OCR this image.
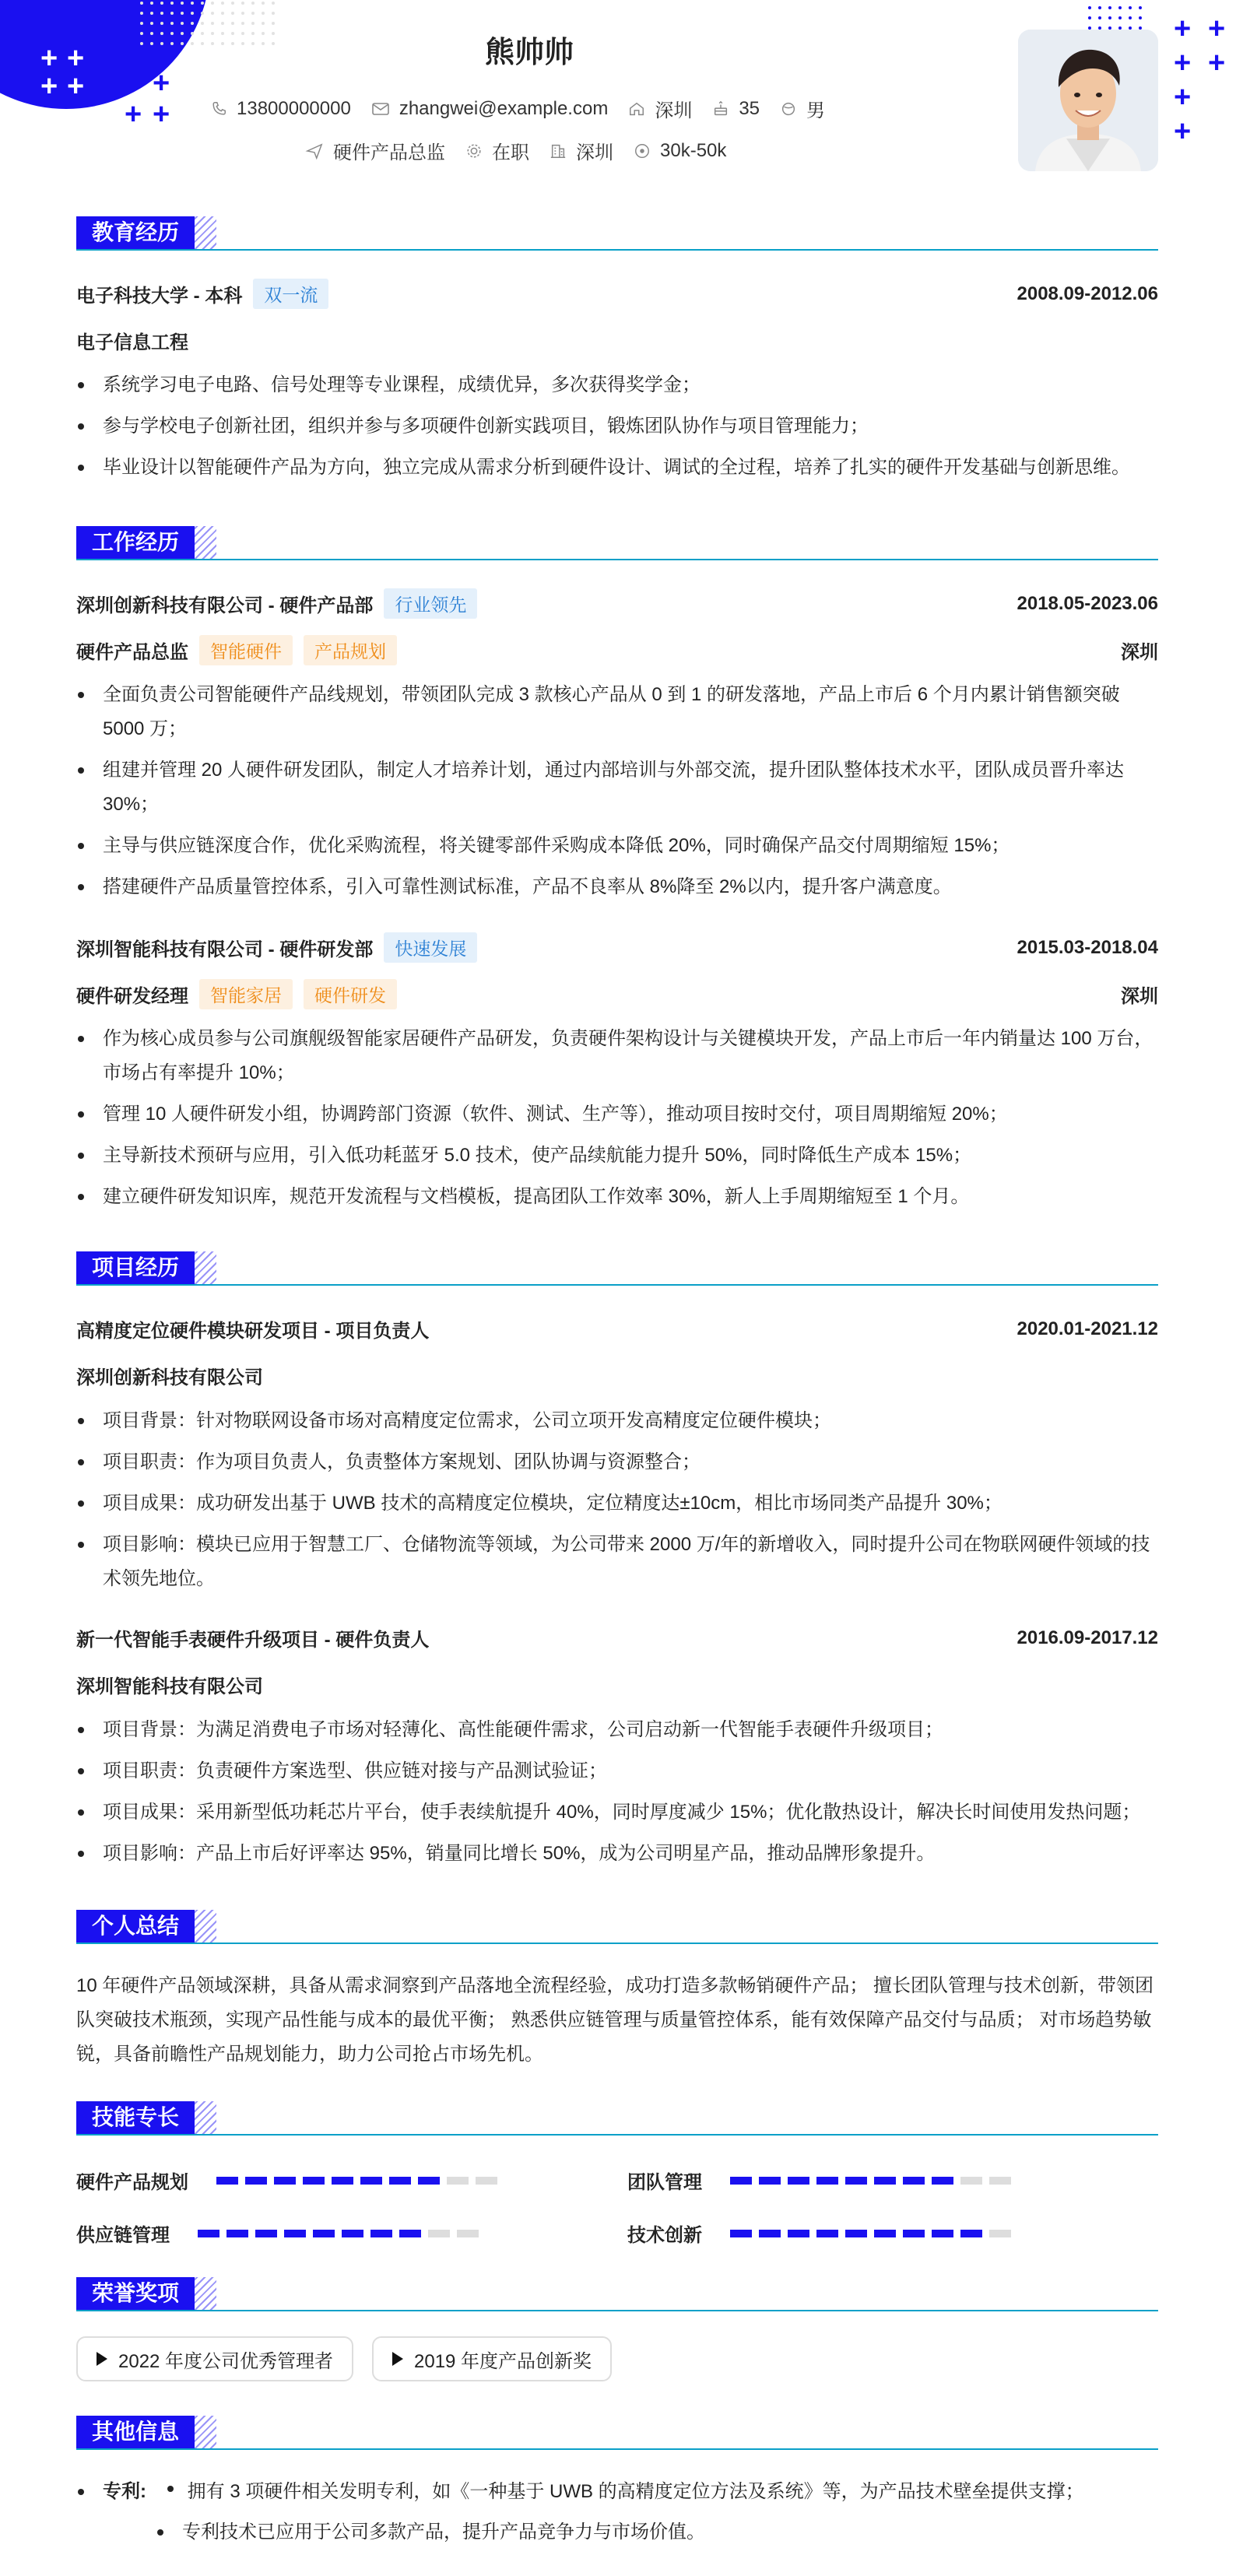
+ +
+ + + +
+ +
+ +
+ +
+
+
熊帅帅
13800000000	zhangwei@example.com	深圳	35	男
硬件产品总监	在职	深圳	30k-50k
教育经历
电子科技大学 - 本科	双一流	2008.09-2012.06
电子信息工程
系统学习电子电路、信号处理等专业课程，成绩优异，多次获得奖学金；
参与学校电子创新社团，组织并参与多项硬件创新实践项目，锻炼团队协作与项目管理能力；
毕业设计以智能硬件产品为方向，独立完成从需求分析到硬件设计、调试的全过程，培养了扎实的硬件开发基础与创新思维。
工作经历
深圳创新科技有限公司 - 硬件产品部	行业领先	2018.05-2023.06
硬件产品总监	智能硬件	产品规划	深圳
全面负责公司智能硬件产品线规划，带领团队完成 3 款核心产品从 0 到 1 的研发落地，产品上市后 6 个月内累计销售额突破 5000 万；
组建并管理 20 人硬件研发团队，制定人才培养计划，通过内部培训与外部交流，提升团队整体技术水平，团队成员晋升率达 30%；
主导与供应链深度合作，优化采购流程，将关键零部件采购成本降低 20%，同时确保产品交付周期缩短 15%；
搭建硬件产品质量管控体系，引入可靠性测试标准，产品不良率从 8%降至 2%以内，提升客户满意度。
深圳智能科技有限公司 - 硬件研发部	快速发展	2015.03-2018.04
硬件研发经理	智能家居	硬件研发	深圳
作为核心成员参与公司旗舰级智能家居硬件产品研发，负责硬件架构设计与关键模块开发，产品上市后一年内销量达 100 万台，市场占有率提升 10%；
管理 10 人硬件研发小组，协调跨部门资源（软件、测试、生产等），推动项目按时交付，项目周期缩短 20%；
主导新技术预研与应用，引入低功耗蓝牙 5.0 技术，使产品续航能力提升 50%，同时降低生产成本 15%；
建立硬件研发知识库，规范开发流程与文档模板，提高团队工作效率 30%，新人上手周期缩短至 1 个月。
项目经历
高精度定位硬件模块研发项目 - 项目负责人	2020.01-2021.12
深圳创新科技有限公司
项目背景：针对物联网设备市场对高精度定位需求，公司立项开发高精度定位硬件模块；
项目职责：作为项目负责人，负责整体方案规划、团队协调与资源整合；
项目成果：成功研发出基于 UWB 技术的高精度定位模块，定位精度达±10cm，相比市场同类产品提升 30%；
项目影响：模块已应用于智慧工厂、仓储物流等领域，为公司带来 2000 万/年的新增收入，同时提升公司在物联网硬件领域的技术领先地位。
新一代智能手表硬件升级项目 - 硬件负责人	2016.09-2017.12
深圳智能科技有限公司
项目背景：为满足消费电子市场对轻薄化、高性能硬件需求，公司启动新一代智能手表硬件升级项目；
项目职责：负责硬件方案选型、供应链对接与产品测试验证；
项目成果：采用新型低功耗芯片平台，使手表续航提升 40%，同时厚度减少 15%；优化散热设计，解决长时间使用发热问题；
项目影响：产品上市后好评率达 95%，销量同比增长 50%，成为公司明星产品，推动品牌形象提升。
个人总结
10 年硬件产品领域深耕，具备从需求洞察到产品落地全流程经验，成功打造多款畅销硬件产品； 擅长团队管理与技术创新，带领团队突破技术瓶颈，实现产品性能与成本的最优平衡； 熟悉供应链管理与质量管控体系，能有效保障产品交付与品质； 对市场趋势敏锐，具备前瞻性产品规划能力，助力公司抢占市场先机。
技能专长
硬件产品规划	团队管理
供应链管理	技术创新
荣誉奖项
2022 年度公司优秀管理者	2019 年度产品创新奖
其他信息
专利: 拥有 3 项硬件相关发明专利，如《一种基于 UWB 的高精度定位方法及系统》等，为产品技术壁垒提供支撑；
专利技术已应用于公司多款产品，提升产品竞争力与市场价值。
